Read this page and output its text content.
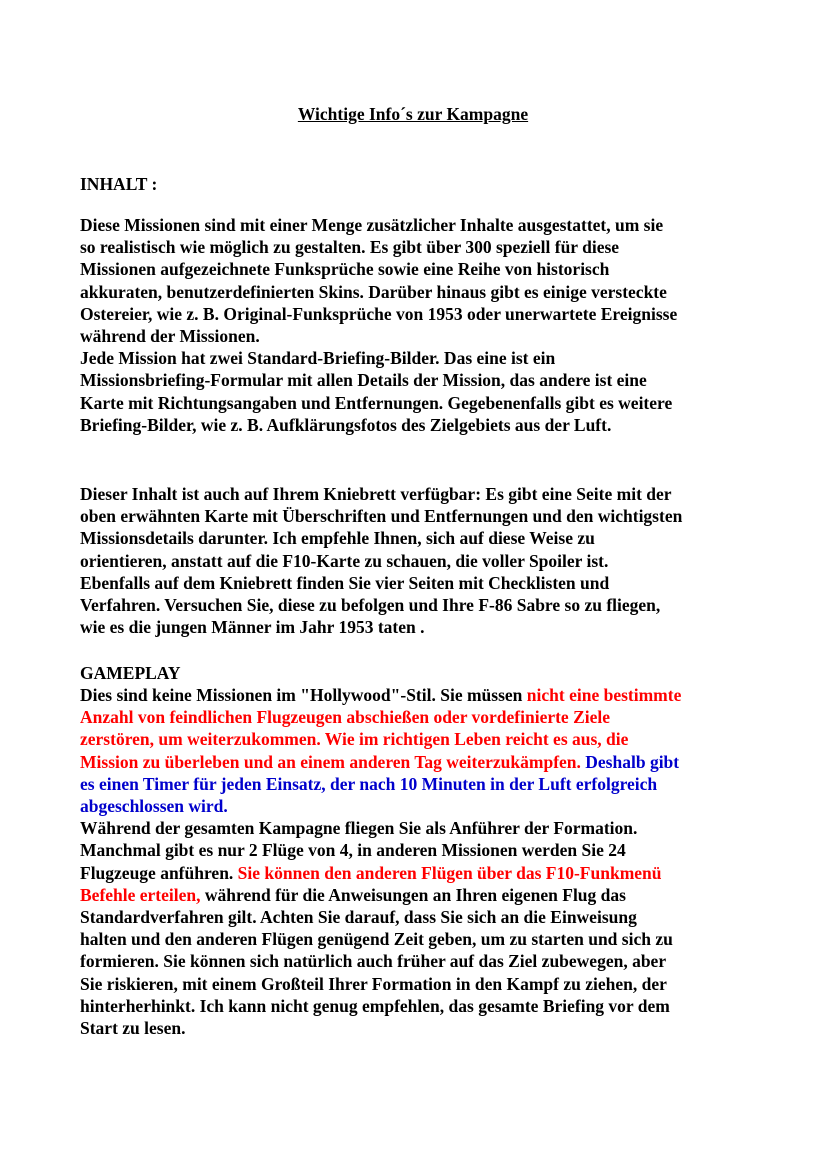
Wichtige Info´s zur Kampagne
INHALT :
Diese Missionen sind mit einer Menge zusätzlicher Inhalte ausgestattet, um sie
so realistisch wie möglich zu gestalten. Es gibt über 300 speziell für diese
Missionen aufgezeichnete Funksprüche sowie eine Reihe von historisch
akkuraten, benutzerdefinierten Skins. Darüber hinaus gibt es einige versteckte
Ostereier, wie z. B. Original-Funksprüche von 1953 oder unerwartete Ereignisse
während der Missionen.
Jede Mission hat zwei Standard-Briefing-Bilder. Das eine ist ein
Missionsbriefing-Formular mit allen Details der Mission, das andere ist eine
Karte mit Richtungsangaben und Entfernungen. Gegebenenfalls gibt es weitere
Briefing-Bilder, wie z. B. Aufklärungsfotos des Zielgebiets aus der Luft.
Dieser Inhalt ist auch auf Ihrem Kniebrett verfügbar: Es gibt eine Seite mit der
oben erwähnten Karte mit Überschriften und Entfernungen und den wichtigsten
Missionsdetails darunter. Ich empfehle Ihnen, sich auf diese Weise zu
orientieren, anstatt auf die F10-Karte zu schauen, die voller Spoiler ist.
Ebenfalls auf dem Kniebrett finden Sie vier Seiten mit Checklisten und
Verfahren. Versuchen Sie, diese zu befolgen und Ihre F-86 Sabre so zu fliegen,
wie es die jungen Männer im Jahr 1953 taten .
GAMEPLAY
Dies sind keine Missionen im "Hollywood"-Stil. Sie müssen nicht eine bestimmte
Anzahl von feindlichen Flugzeugen abschießen oder vordefinierte Ziele
zerstören, um weiterzukommen. Wie im richtigen Leben reicht es aus, die
Mission zu überleben und an einem anderen Tag weiterzukämpfen. Deshalb gibt
es einen Timer für jeden Einsatz, der nach 10 Minuten in der Luft erfolgreich
abgeschlossen wird.
Während der gesamten Kampagne fliegen Sie als Anführer der Formation.
Manchmal gibt es nur 2 Flüge von 4, in anderen Missionen werden Sie 24
Flugzeuge anführen. Sie können den anderen Flügen über das F10-Funkmenü
Befehle erteilen, während für die Anweisungen an Ihren eigenen Flug das
Standardverfahren gilt. Achten Sie darauf, dass Sie sich an die Einweisung
halten und den anderen Flügen genügend Zeit geben, um zu starten und sich zu
formieren. Sie können sich natürlich auch früher auf das Ziel zubewegen, aber
Sie riskieren, mit einem Großteil Ihrer Formation in den Kampf zu ziehen, der
hinterherhinkt. Ich kann nicht genug empfehlen, das gesamte Briefing vor dem
Start zu lesen.
